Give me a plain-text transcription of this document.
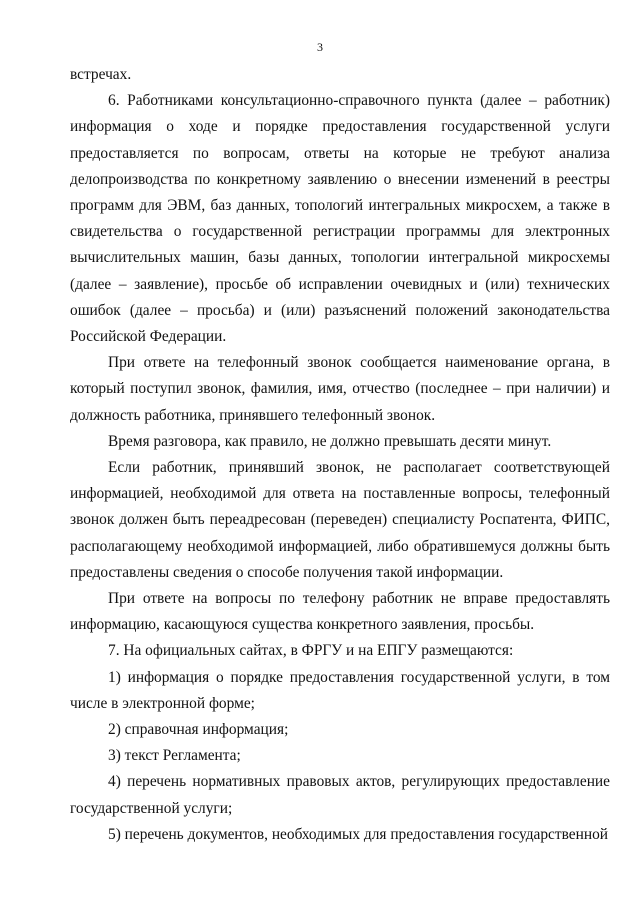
3

встречах.

6. Работниками консультационно-справочного пункта (далее – работник) информация о ходе и порядке предоставления государственной услуги предоставляется по вопросам, ответы на которые не требуют анализа делопроизводства по конкретному заявлению о внесении изменений в реестры программ для ЭВМ, баз данных, топологий интегральных микросхем, а также в свидетельства о государственной регистрации программы для электронных вычислительных машин, базы данных, топологии интегральной микросхемы (далее – заявление), просьбе об исправлении очевидных и (или) технических ошибок (далее – просьба) и (или) разъяснений положений законодательства Российской Федерации.

При ответе на телефонный звонок сообщается наименование органа, в который поступил звонок, фамилия, имя, отчество (последнее – при наличии) и должность работника, принявшего телефонный звонок.

Время разговора, как правило, не должно превышать десяти минут.

Если работник, принявший звонок, не располагает соответствующей информацией, необходимой для ответа на поставленные вопросы, телефонный звонок должен быть переадресован (переведен) специалисту Роспатента, ФИПС, располагающему необходимой информацией, либо обратившемуся должны быть предоставлены сведения о способе получения такой информации.

При ответе на вопросы по телефону работник не вправе предоставлять информацию, касающуюся существа конкретного заявления, просьбы.

7. На официальных сайтах, в ФРГУ и на ЕПГУ размещаются:

1) информация о порядке предоставления государственной услуги, в том числе в электронной форме;

2) справочная информация;

3) текст Регламента;

4) перечень нормативных правовых актов, регулирующих предоставление государственной услуги;

5) перечень документов, необходимых для предоставления государственной
